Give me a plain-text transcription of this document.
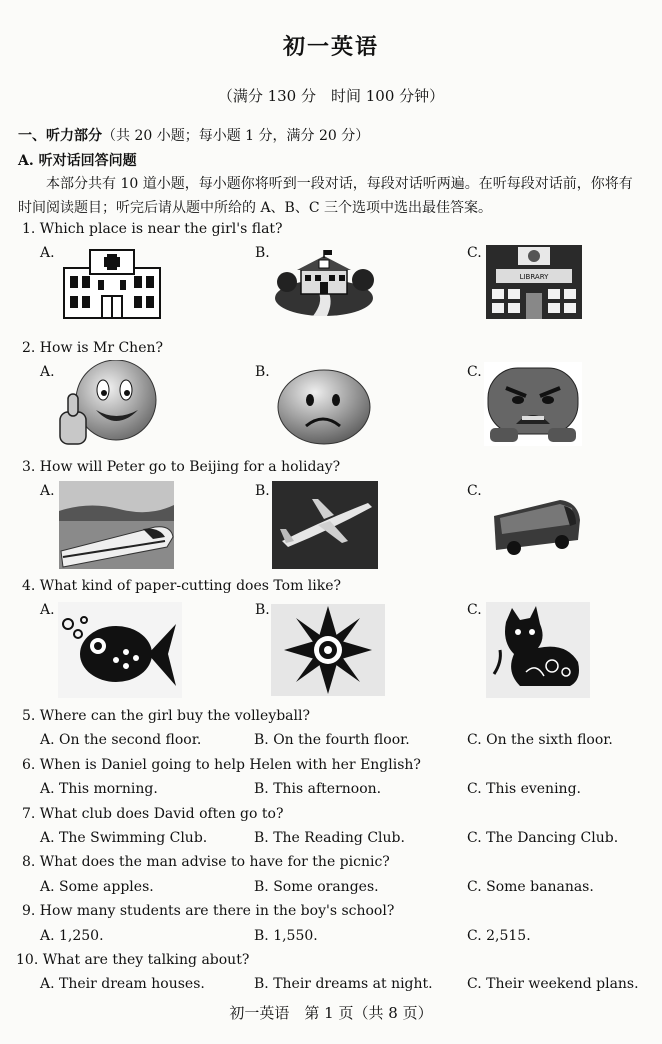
初一英语
（满分 130 分　时间 100 分钟）
一、听力部分（共 20 小题；每小题 1 分，满分 20 分）
A. 听对话回答问题
本部分共有 10 道小题，每小题你将听到一段对话，每段对话听两遍。在听每段对话前，你将有时间阅读题目；听完后请从题中所给的 A、B、C 三个选项中选出最佳答案。
1. Which place is near the girl's flat?
A.	B.	C.
LIBRARY
2. How is Mr Chen?
A.	B.	C.
3. How will Peter go to Beijing for a holiday?
A.	B.	C.
4. What kind of paper-cutting does Tom like?
A.	B.	C.
5. Where can the girl buy the volleyball?
A. On the second floor.	B. On the fourth floor.	C. On the sixth floor.
6. When is Daniel going to help Helen with her English?
A. This morning.	B. This afternoon.	C. This evening.
7. What club does David often go to?
A. The Swimming Club.	B. The Reading Club.	C. The Dancing Club.
8. What does the man advise to have for the picnic?
A. Some apples.	B. Some oranges.	C. Some bananas.
9. How many students are there in the boy's school?
A. 1,250.	B. 1,550.	C. 2,515.
10. What are they talking about?
A. Their dream houses.	B. Their dreams at night. C. Their weekend plans.
初一英语　第 1 页（共 8 页）
